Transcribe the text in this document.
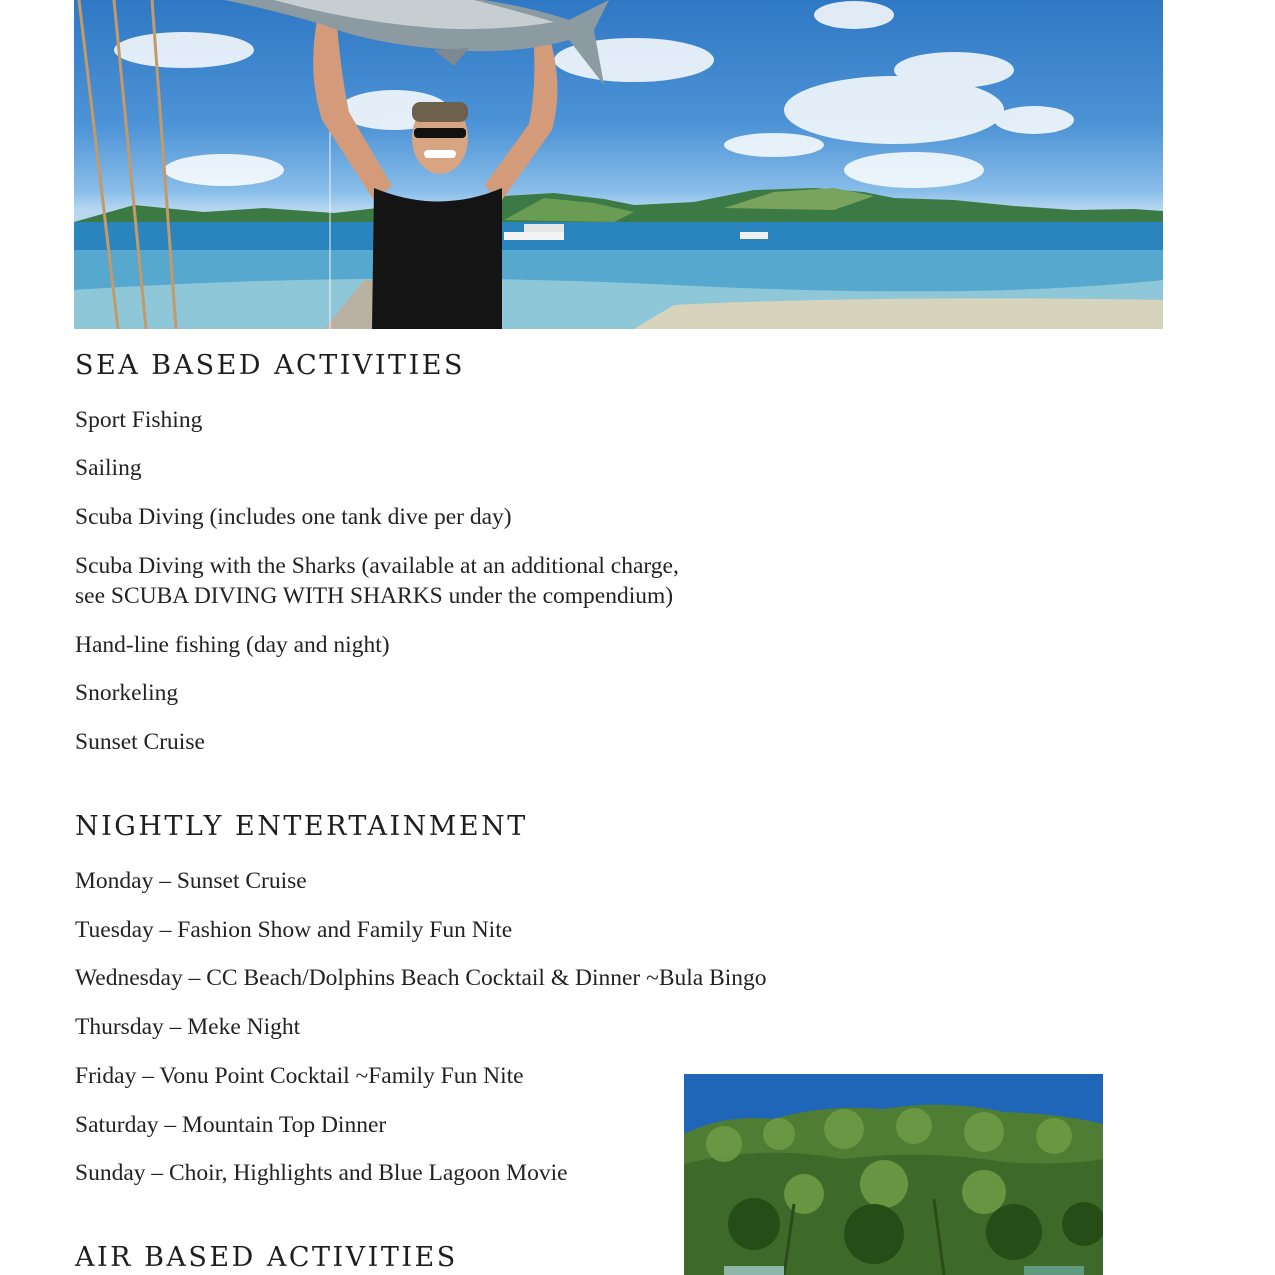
SEA BASED ACTIVITIES

Sport Fishing

Sailing

Scuba Diving (includes one tank dive per day)

Scuba Diving with the Sharks (available at an additional charge,

see SCUBA DIVING WITH SHARKS under the compendium)

Hand-line fishing (day and night)

Snorkeling

Sunset Cruise

NIGHTLY ENTERTAINMENT

Monday – Sunset Cruise

Tuesday – Fashion Show and Family Fun Nite

Wednesday – CC Beach/Dolphins Beach Cocktail & Dinner ~Bula Bingo

Thursday – Meke Night

Friday – Vonu Point Cocktail ~Family Fun Nite

Saturday – Mountain Top Dinner

Sunday – Choir, Highlights and Blue Lagoon Movie

AIR BASED ACTIVITIES
